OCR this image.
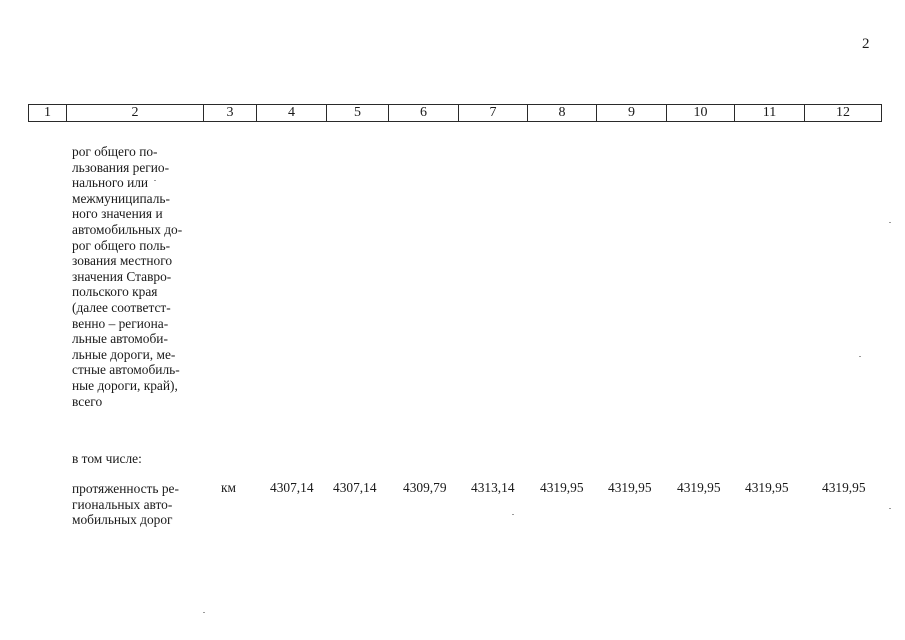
2
1	2	3	4	5	6	7	8	9	10	11	12
рог общего по-
льзования регио-
нального или
межмуниципаль-
ного значения и
автомобильных до-
рог общего поль-
зования местного
значения Ставро-
польского края
(далее соответст-
венно – региона-
льные автомоби-
льные дороги, ме-
стные автомобиль-
ные дороги, край),
всего
в том числе:
протяженность ре-
гиональных авто-
мобильных дорог
км	4307,14 4307,14 4309,79 4313,14 4319,95 4319,95 4319,95 4319,95 4319,95
